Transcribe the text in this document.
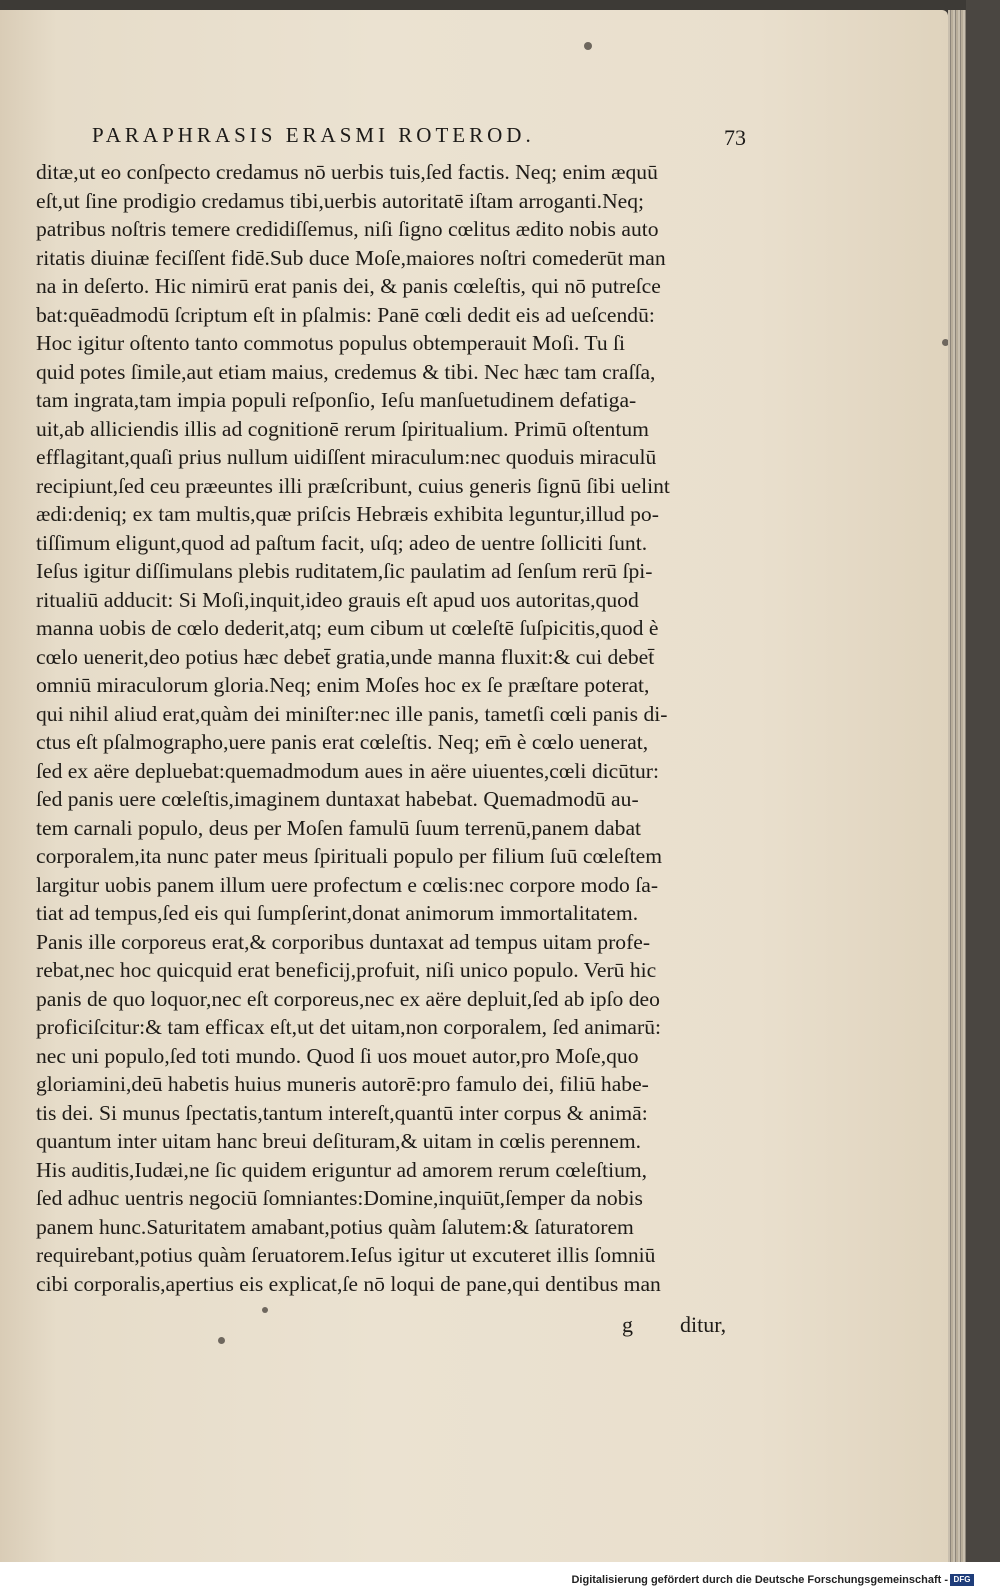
PARAPHRASIS ERASMI ROTEROD.	73
ditæ,ut eo conſpecto credamus nō uerbis tuis,ſed factis. Neq; enim æquū
eſt,ut ſine prodigio credamus tibi,uerbis autoritatē iſtam arroganti.Neq;
patribus noſtris temere credidiſſemus, niſi ſigno cœlitus ædito nobis auto
ritatis diuinæ feciſſent fidē.Sub duce Moſe,maiores noſtri comederūt man
na in deſerto. Hic nimirū erat panis dei, & panis cœleſtis, qui nō putreſce
bat:quēadmodū ſcriptum eſt in pſalmis: Panē cœli dedit eis ad ueſcendū:
Hoc igitur oſtento tanto commotus populus obtemperauit Moſi. Tu ſi
quid potes ſimile,aut etiam maius, credemus & tibi. Nec hæc tam craſſa,
tam ingrata,tam impia populi reſponſio, Ieſu manſuetudinem defatiga-
uit,ab alliciendis illis ad cognitionē rerum ſpiritualium. Primū oſtentum
efflagitant,quaſi prius nullum uidiſſent miraculum:nec quoduis miraculū
recipiunt,ſed ceu præeuntes illi præſcribunt, cuius generis ſignū ſibi uelint
ædi:deniq; ex tam multis,quæ priſcis Hebræis exhibita leguntur,illud po-
tiſſimum eligunt,quod ad paſtum facit, uſq; adeo de uentre ſolliciti ſunt.
Ieſus igitur diſſimulans plebis ruditatem,ſic paulatim ad ſenſum rerū ſpi-
ritualiū adducit: Si Moſi,inquit,ideo grauis eſt apud uos autoritas,quod
manna uobis de cœlo dederit,atq; eum cibum ut cœleſtē ſuſpicitis,quod è
cœlo uenerit,deo potius hæc debet̄ gratia,unde manna fluxit:& cui debet̄
omniū miraculorum gloria.Neq; enim Moſes hoc ex ſe præſtare poterat,
qui nihil aliud erat,quàm dei miniſter:nec ille panis, tametſi cœli panis di-
ctus eſt pſalmographo,uere panis erat cœleſtis. Neq; em̄ è cœlo uenerat,
ſed ex aëre depluebat:quemadmodum aues in aëre uiuentes,cœli dicūtur:
ſed panis uere cœleſtis,imaginem duntaxat habebat. Quemadmodū au-
tem carnali populo, deus per Moſen famulū ſuum terrenū,panem dabat
corporalem,ita nunc pater meus ſpirituali populo per filium ſuū cœleſtem
largitur uobis panem illum uere profectum e cœlis:nec corpore modo ſa-
tiat ad tempus,ſed eis qui ſumpſerint,donat animorum immortalitatem.
Panis ille corporeus erat,& corporibus duntaxat ad tempus uitam profe-
rebat,nec hoc quicquid erat beneficij,profuit, niſi unico populo. Verū hic
panis de quo loquor,nec eſt corporeus,nec ex aëre depluit,ſed ab ipſo deo
proficiſcitur:& tam efficax eſt,ut det uitam,non corporalem, ſed animarū:
nec uni populo,ſed toti mundo. Quod ſi uos mouet autor,pro Moſe,quo
gloriamini,deū habetis huius muneris autorē:pro famulo dei, filiū habe-
tis dei. Si munus ſpectatis,tantum intereſt,quantū inter corpus & animā:
quantum inter uitam hanc breui deſituram,& uitam in cœlis perennem.
His auditis,Iudæi,ne ſic quidem eriguntur ad amorem rerum cœleſtium,
ſed adhuc uentris negociū ſomniantes:Domine,inquiūt,ſemper da nobis
panem hunc.Saturitatem amabant,potius quàm ſalutem:& ſaturatorem
requirebant,potius quàm ſeruatorem.Ieſus igitur ut excuteret illis ſomniū
cibi corporalis,apertius eis explicat,ſe nō loqui de pane,qui dentibus man
g ditur,
Digitalisierung gefördert durch die Deutsche Forschungsgemeinschaft - DFG
